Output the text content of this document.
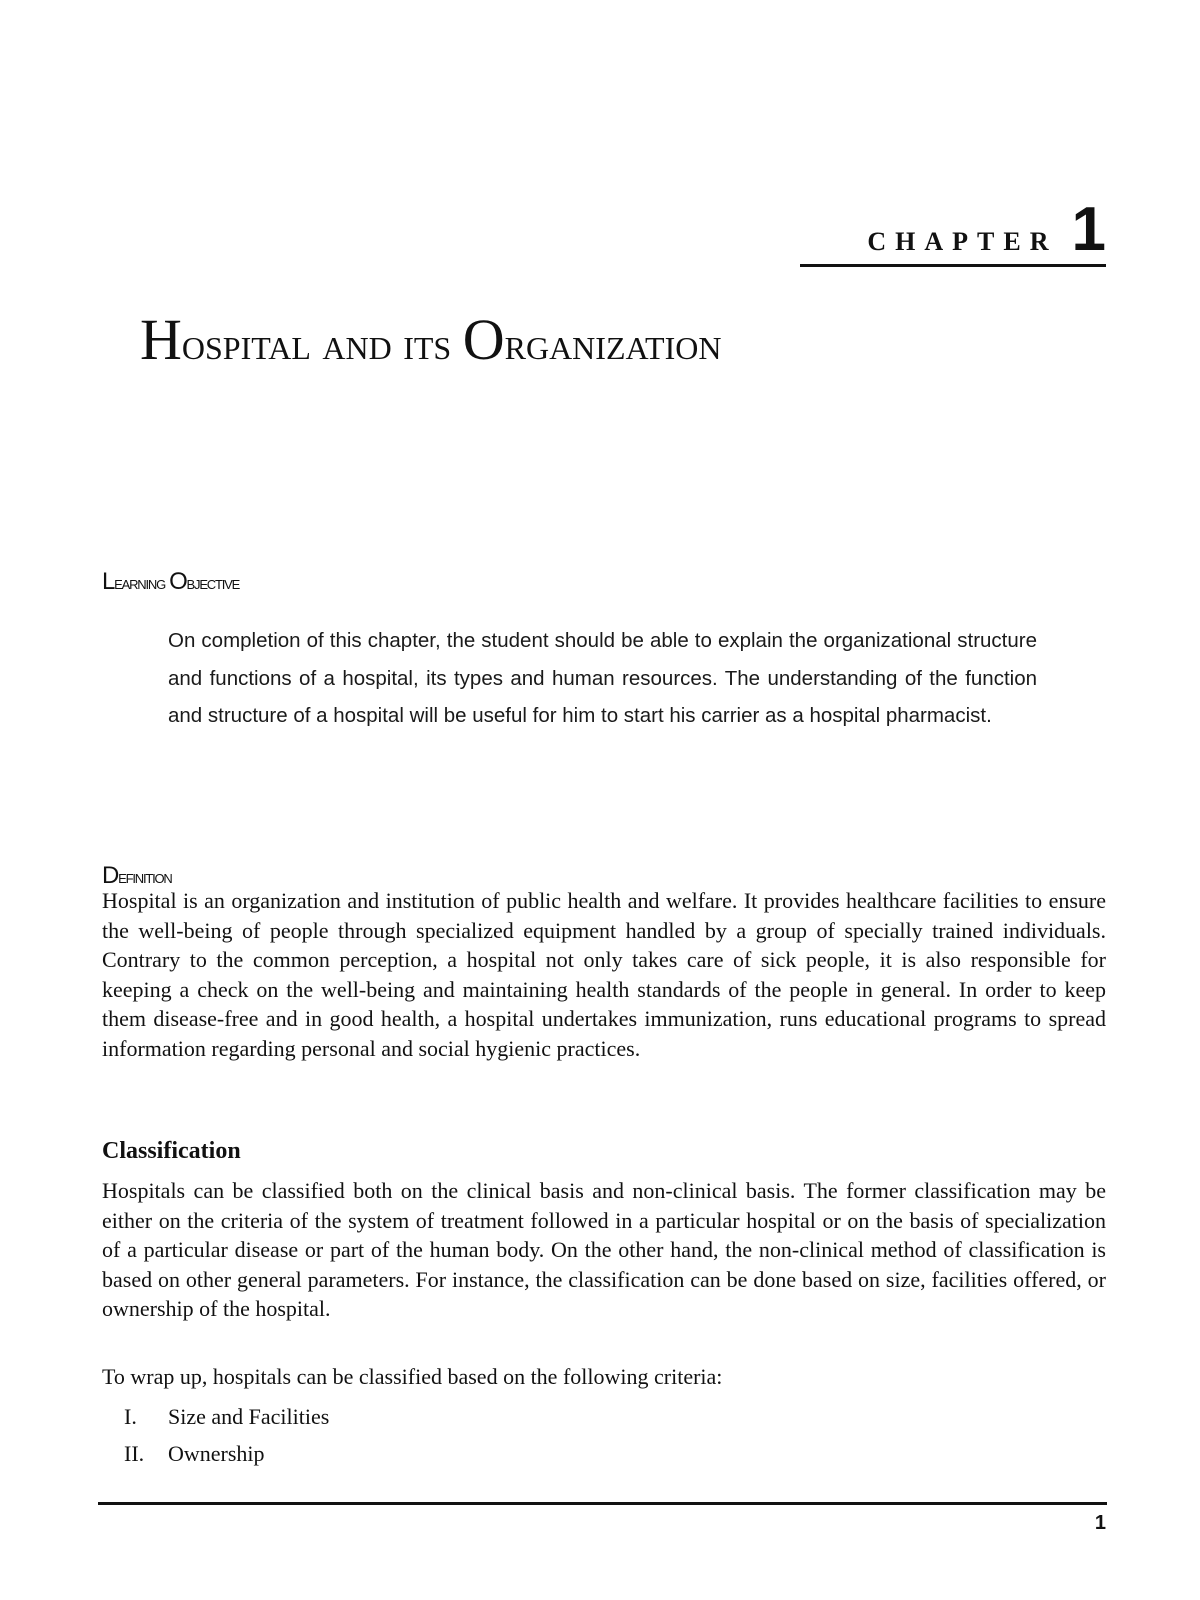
CHAPTER 1
Hospital and its Organization
Learning Objective
On completion of this chapter, the student should be able to explain the organizational structure and functions of a hospital, its types and human resources. The understanding of the function and structure of a hospital will be useful for him to start his carrier as a hospital pharmacist.
Definition
Hospital is an organization and institution of public health and welfare. It provides healthcare facilities to ensure the well-being of people through specialized equipment handled by a group of specially trained individuals. Contrary to the common perception, a hospital not only takes care of sick people, it is also responsible for keeping a check on the well-being and maintaining health standards of the people in general. In order to keep them disease-free and in good health, a hospital undertakes immunization, runs educational programs to spread information regarding personal and social hygienic practices.
Classification
Hospitals can be classified both on the clinical basis and non-clinical basis. The former classification may be either on the criteria of the system of treatment followed in a particular hospital or on the basis of specialization of a particular disease or part of the human body. On the other hand, the non-clinical method of classification is based on other general parameters. For instance, the classification can be done based on size, facilities offered, or ownership of the hospital.
To wrap up, hospitals can be classified based on the following criteria:
I. Size and Facilities
II. Ownership
1
